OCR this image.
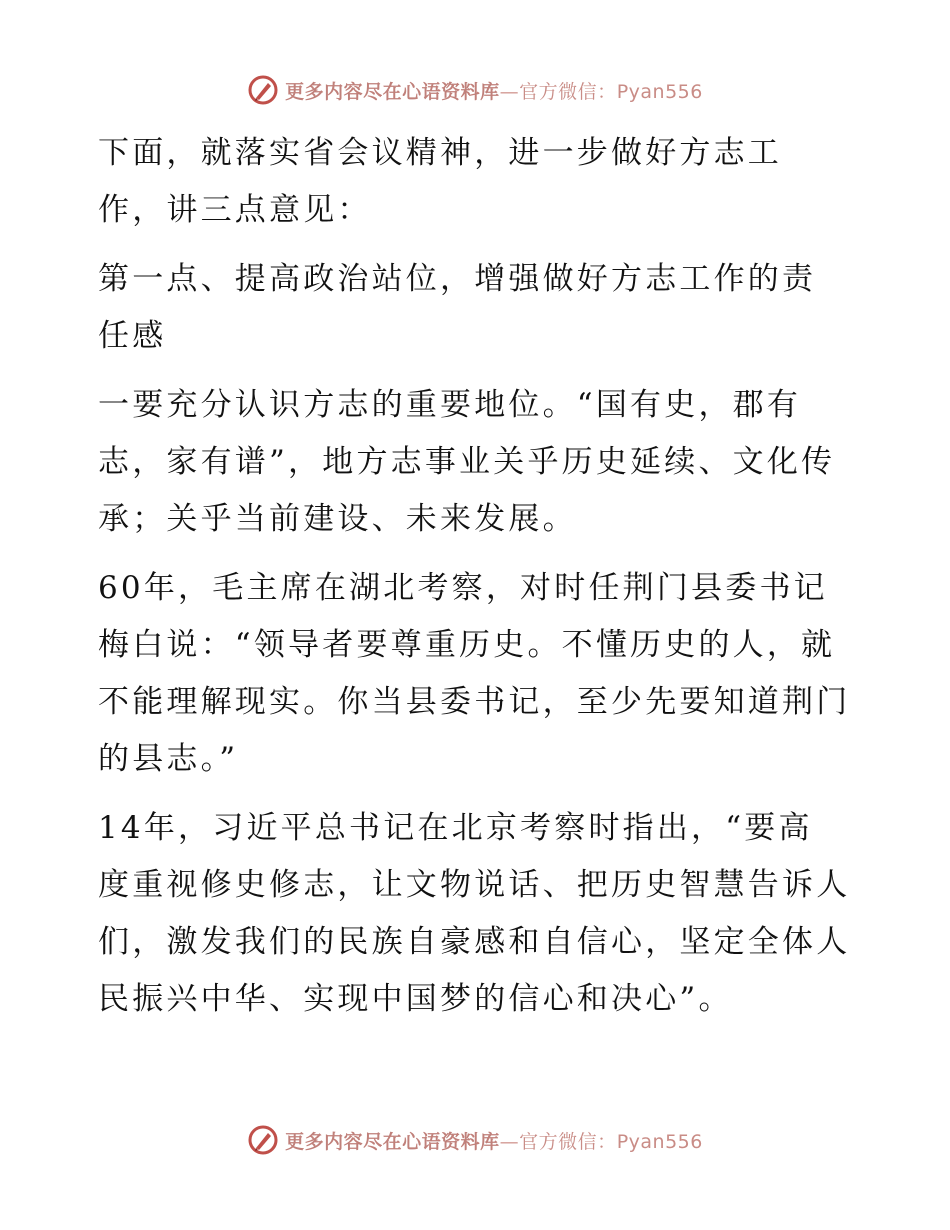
更多内容尽在心语资料库—官方微信：Pyan556
下面，就落实省会议精神，进一步做好方志工
作，讲三点意见：
第一点、提高政治站位，增强做好方志工作的责
任感
一要充分认识方志的重要地位。“国有史，郡有
志，家有谱”，地方志事业关乎历史延续、文化传
承；关乎当前建设、未来发展。
60年，毛主席在湖北考察，对时任荆门县委书记
梅白说：“领导者要尊重历史。不懂历史的人，就
不能理解现实。你当县委书记，至少先要知道荆门
的县志。”
14年，习近平总书记在北京考察时指出，“要高
度重视修史修志，让文物说话、把历史智慧告诉人
们，激发我们的民族自豪感和自信心，坚定全体人
民振兴中华、实现中国梦的信心和决心”。
更多内容尽在心语资料库—官方微信：Pyan556
